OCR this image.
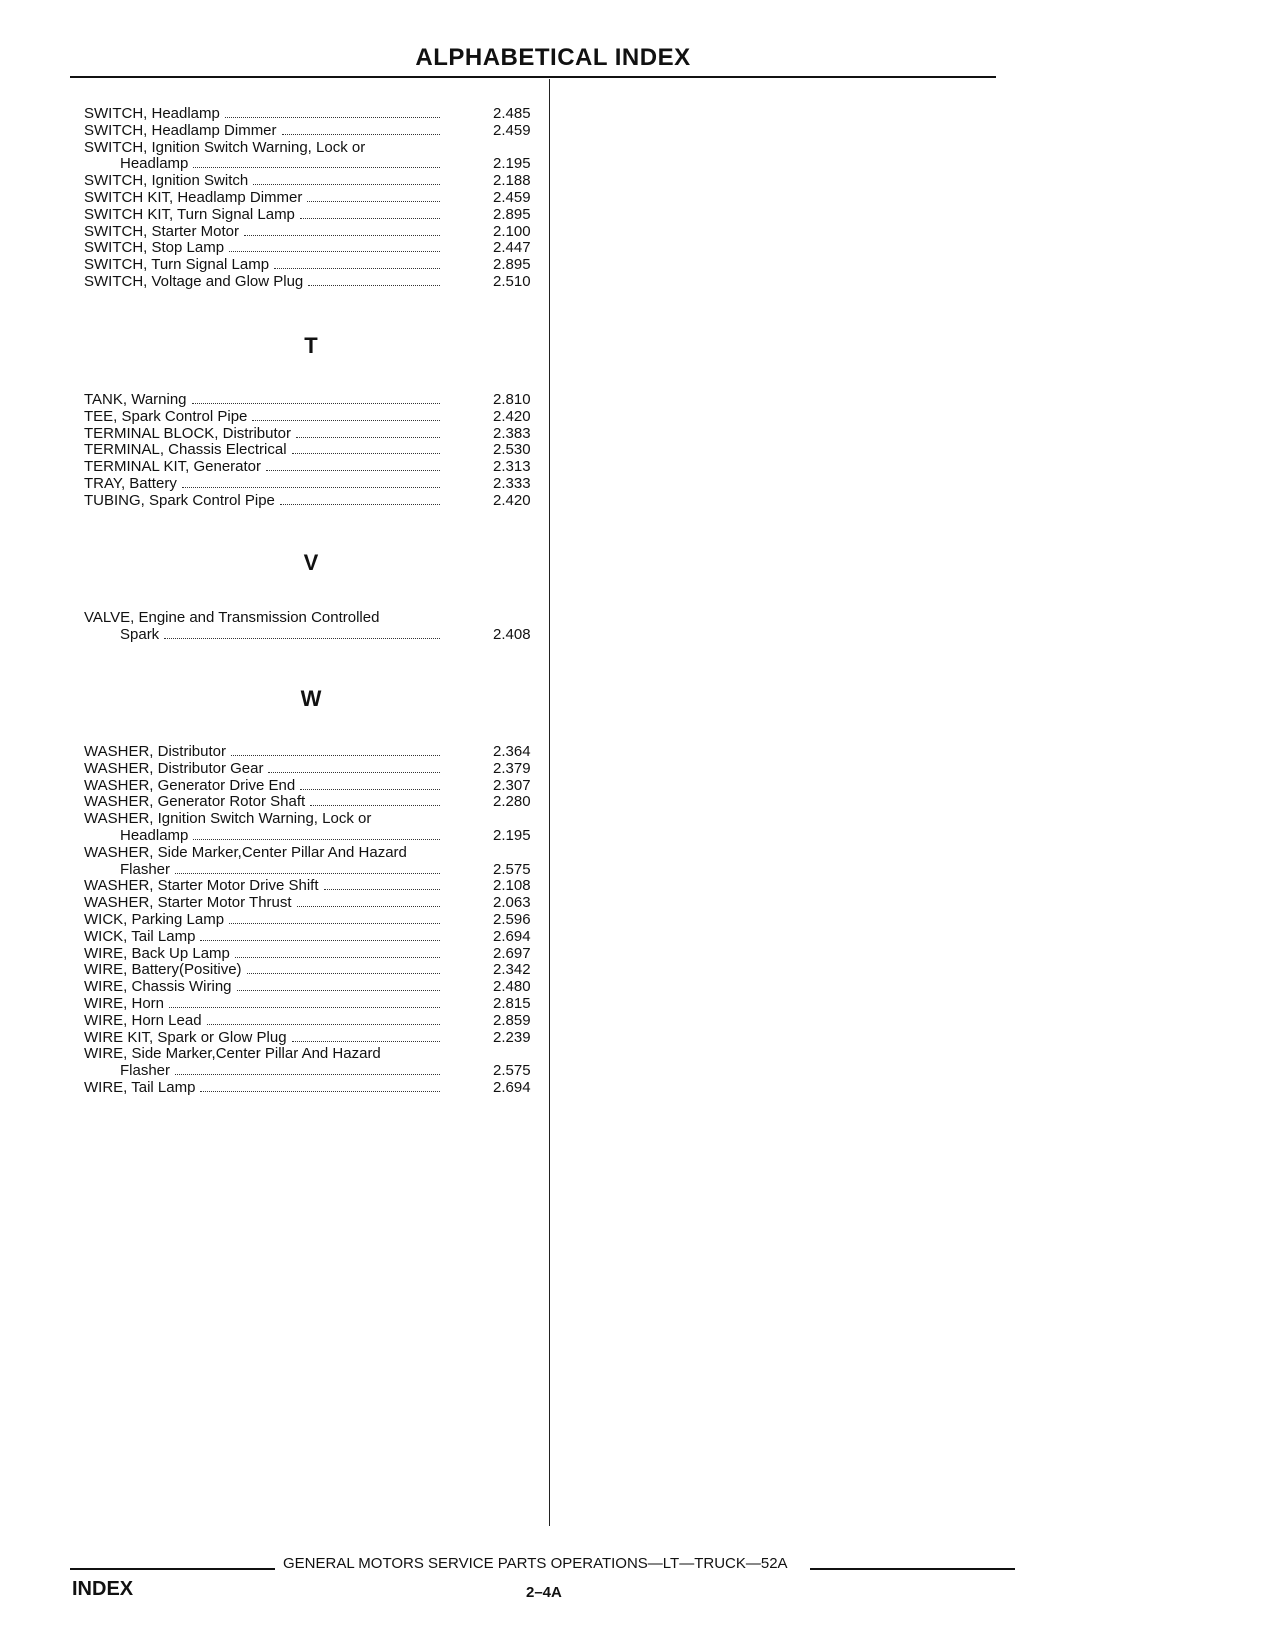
ALPHABETICAL INDEX
SWITCH, Headlamp	2.485
SWITCH, Headlamp Dimmer	2.459
SWITCH, Ignition Switch Warning, Lock or
Headlamp	2.195
SWITCH, Ignition Switch	2.188
SWITCH KIT, Headlamp Dimmer	2.459
SWITCH KIT, Turn Signal Lamp	2.895
SWITCH, Starter Motor	2.100
SWITCH, Stop Lamp	2.447
SWITCH, Turn Signal Lamp	2.895
SWITCH, Voltage and Glow Plug	2.510
T
TANK, Warning	2.810
TEE, Spark Control Pipe	2.420
TERMINAL BLOCK, Distributor	2.383
TERMINAL, Chassis Electrical	2.530
TERMINAL KIT, Generator	2.313
TRAY, Battery	2.333
TUBING, Spark Control Pipe	2.420
V
VALVE, Engine and Transmission Controlled
Spark	2.408
W
WASHER, Distributor	2.364
WASHER, Distributor Gear	2.379
WASHER, Generator Drive End	2.307
WASHER, Generator Rotor Shaft	2.280
WASHER, Ignition Switch Warning, Lock or
Headlamp	2.195
WASHER, Side Marker,Center Pillar And Hazard
Flasher	2.575
WASHER, Starter Motor Drive Shift	2.108
WASHER, Starter Motor Thrust	2.063
WICK, Parking Lamp	2.596
WICK, Tail Lamp	2.694
WIRE, Back Up Lamp	2.697
WIRE, Battery(Positive)	2.342
WIRE, Chassis Wiring	2.480
WIRE, Horn	2.815
WIRE, Horn Lead	2.859
WIRE KIT, Spark or Glow Plug	2.239
WIRE, Side Marker,Center Pillar And Hazard
Flasher	2.575
WIRE, Tail Lamp	2.694
GENERAL MOTORS SERVICE PARTS OPERATIONS—LT—TRUCK—52A
INDEX	2–4A
